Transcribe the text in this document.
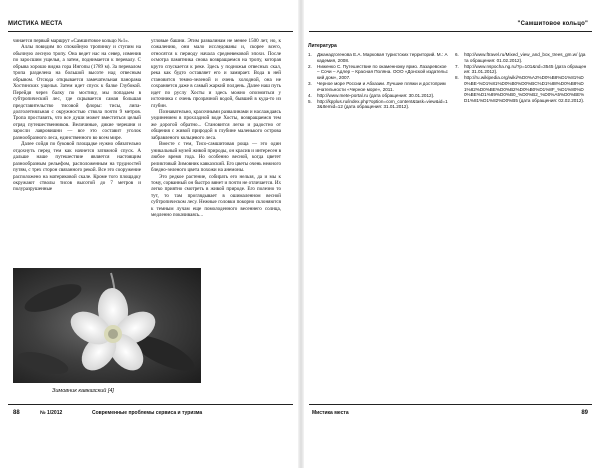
МИСТИКА МЕСТА	"Самшитовое кольцо"

чинается первый маршрут «Самшитовое кольцо №1».

Аллы повидим по спокойную тропинку и ступим на обычную лесную тропу. Она ведет нас на север, изменив по заросшим ущелья, а затем, поднимается к перевалу. С обрыва хорошо видна гора Ингопы (1789 м). За перевалом тропа разделена на большой высоте над отвесным обрывом. Отсюда открывается замечательная панорама Хостинских ущелья. Затем идет спуск к балке Глубокой. Перейдя через балку по мостику, мы попадаем в субтропический лес, где скрывается самая большая представительство тисовой флоры: тисы, липа-долголетняльная с окружностью ствола почти 9 метров. Тропа проставить, что все души может вместиться целый отряд путешественников. Величиные, дикие черешни и заросли лавровишни — все это составит уголок разнообразного леса, единственного во всем мире.

Далее сойдя по буковой площадке нужно обязательно отдохнуть перед тем как начнется затяжной спуск. А дальше наше путешествие является настоящим разнообразным рельефом, расположенным на трудностей путям, с трех сторон связанного рекой. Все это сооружение расположено на материковой скале. Кроме того площадку окружают стволы тисов высотой до 7 метров и полуразрушенные

угловые башни. Этим развалинам не менее 1500 лет, но, к сожалению, они мало исследованы и, скорее всего, относятся к периоду начала средневековой эпохи. После осмотра памятника снова возвращаемся на тропу, которая круто спускается к реке. Здесь у подножья отвесных скал, река как будто оставляет его и замирает. Вода в ней становится темно-зеленой и очень холодной, она не сохраняется даже в самый жаркий полдень. Далее наш путь идет по руслу Хосты и здесь можно опоэмиться у источника с очень прозрачной водой, бывшей в куда-то из глубин.

Познавательно, красочными развалинами и наслаждаясь уединением в прохладной воде Хосты, возвращаемся тем же дорогой обратно... Становится легко и радостно от общения с живой природой в глубине маленького острова забравленого кольцевого леса.

Вместе с тем, Тисо-самшитовая роща — это один уникальный музей живой природы, он красив и интересен в любое время года. Но особенно весной, когда цветет реликтовый Зимовник кавказский. Его цветы очень нежного бледно-зеленого цвета похожи на анемоны.

Это редкое растение, собирать его нельзя, да и мы к тому, сорванный он быстро вянет и почти не отличается. Их легко приятно смотреть в живой природе. Его полезно то тут, то там проглядывает в ошималенном весной субтропическом лесу. Нежные головки покорно склоняются к темным лучам еще помолоденного весеннего солнца, медленно покачиваясь...

Зимовник кавказский [4]
Литература
1. Джанадгогенова Е.А. Марковая туристских территорий. М.: Академия, 2008.
2. Ниженко С. Путешествие по окаменному ярмо. Лазаревское – Сочи – Адлер – Красная Поляна. ООО «Донской издательский дом», 2007.
3. Черное море России и Абхазии. Лучшие пляжи и достопримечательности «Черное море», 2011.
4. http://www.mete-portal.ru (дата обращения: 30.01.2012).
5. http://kpplus.ru/index.php?option=com_content&task=view&id=13&Itemid=12 (дата обращения: 31.01.2012).
6. http://www.ftravel.ru/Mixed_view_and_box_trees_gm.w/ (дата обращения: 01.02.2012).
7. http://www.nspocha.ng.ru/?p=101&nd=3545 (дата обращения: 31.01.2012).
8. http://ru.wikipedia.org/wiki/%D0%A2%D0%B8%D1%81%D0%BE-%D1%81%D0%B0%D0%BC%D1%88%D0%B8%D1%82%D0%BE%D0%B2%D0%B0%D1%8F_%D1%80%D0%BE%D1%89%D0%B0_%D0%B2_%D0%A5%D0%BE%D1%81%D1%82%D0%B5 (дата обращения: 02.02.2012).
88	№ 1/2012	Современные проблемы сервиса и туризма	Мистика места	89
